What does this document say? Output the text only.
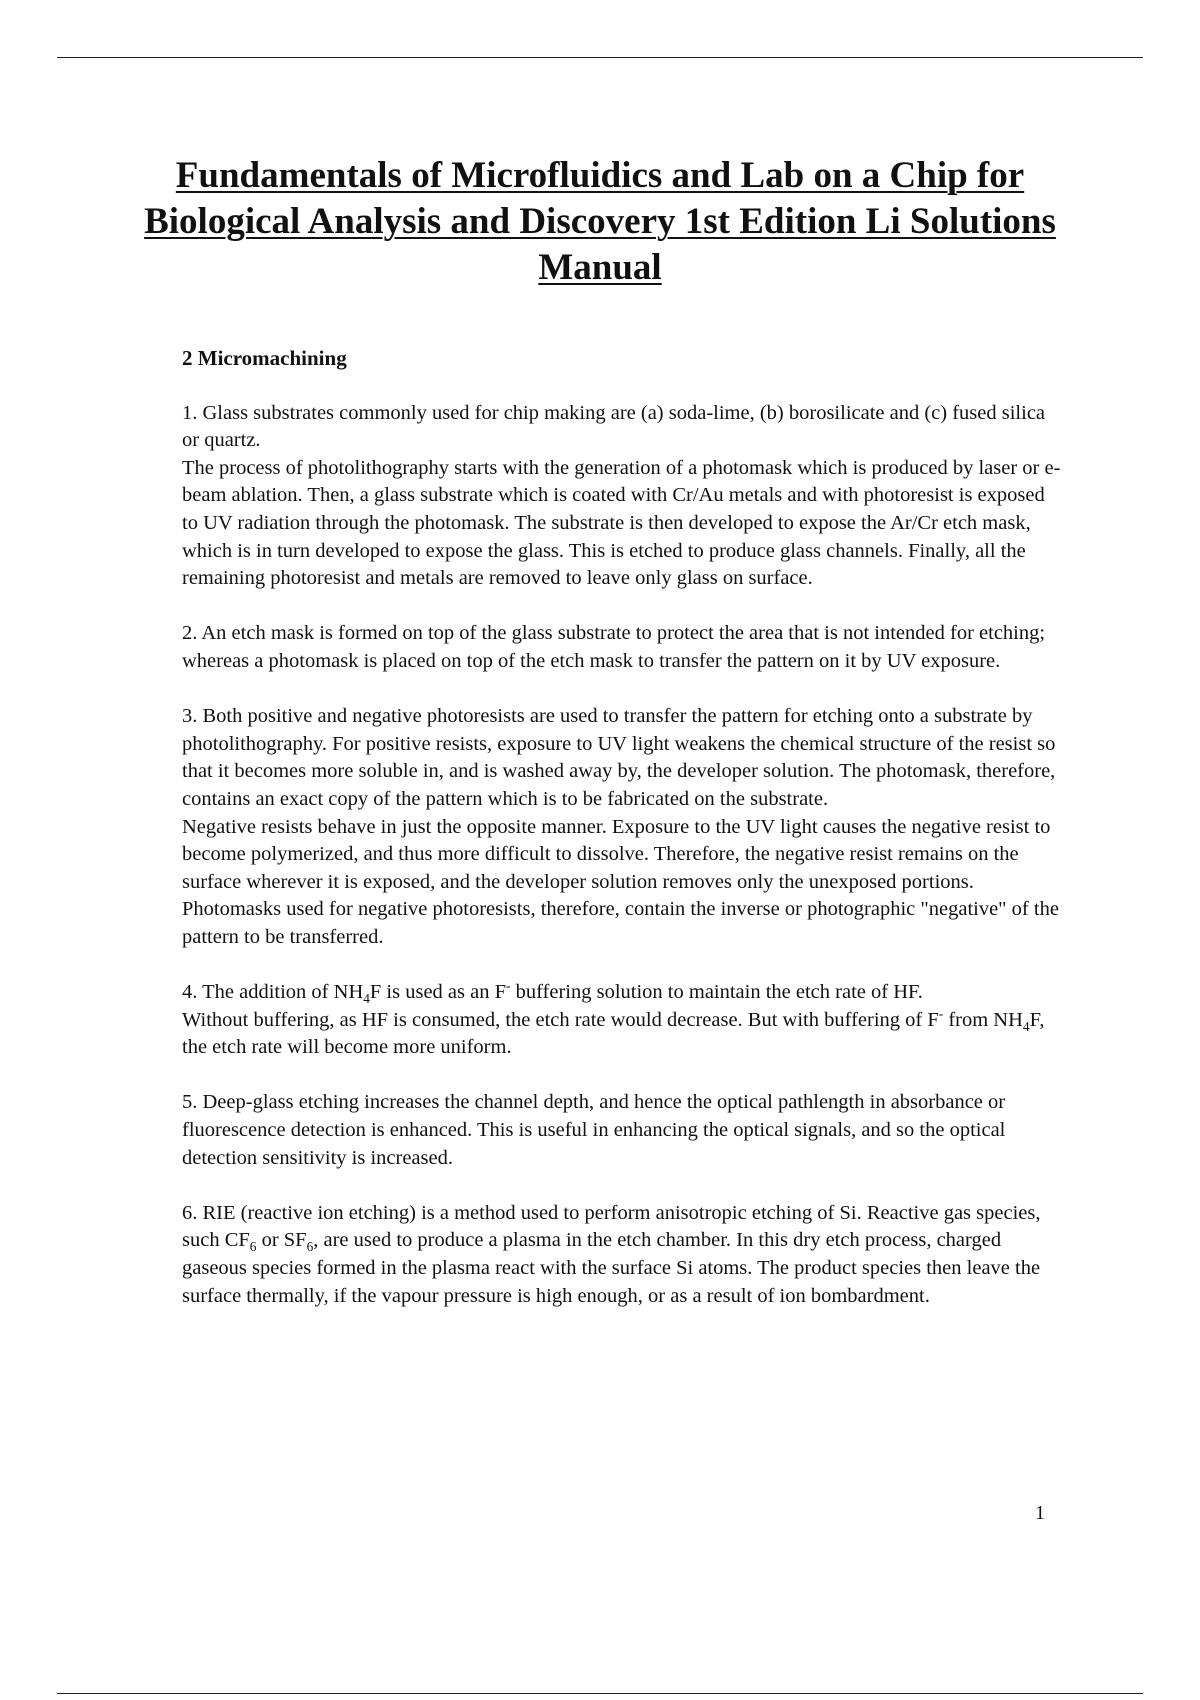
Fundamentals of Microfluidics and Lab on a Chip for Biological Analysis and Discovery 1st Edition Li Solutions Manual
2 Micromachining
1. Glass substrates commonly used for chip making are (a) soda-lime, (b) borosilicate and (c) fused silica or quartz.
The process of photolithography starts with the generation of a photomask which is produced by laser or e-beam ablation. Then, a glass substrate which is coated with Cr/Au metals and with photoresist is exposed to UV radiation through the photomask. The substrate is then developed to expose the Ar/Cr etch mask, which is in turn developed to expose the glass. This is etched to produce glass channels. Finally, all the remaining photoresist and metals are removed to leave only glass on surface.
2. An etch mask is formed on top of the glass substrate to protect the area that is not intended for etching; whereas a photomask is placed on top of the etch mask to transfer the pattern on it by UV exposure.
3. Both positive and negative photoresists are used to transfer the pattern for etching onto a substrate by photolithography. For positive resists, exposure to UV light weakens the chemical structure of the resist so that it becomes more soluble in, and is washed away by, the developer solution. The photomask, therefore, contains an exact copy of the pattern which is to be fabricated on the substrate.
Negative resists behave in just the opposite manner. Exposure to the UV light causes the negative resist to become polymerized, and thus more difficult to dissolve. Therefore, the negative resist remains on the surface wherever it is exposed, and the developer solution removes only the unexposed portions. Photomasks used for negative photoresists, therefore, contain the inverse or photographic "negative" of the pattern to be transferred.
4. The addition of $NH_4F$ is used as an F- buffering solution to maintain the etch rate of HF.
Without buffering, as HF is consumed, the etch rate would decrease. But with buffering of F- from $NH_4F$, the etch rate will become more uniform.
5. Deep-glass etching increases the channel depth, and hence the optical pathlength in absorbance or fluorescence detection is enhanced. This is useful in enhancing the optical signals, and so the optical detection sensitivity is increased.
6. RIE (reactive ion etching) is a method used to perform anisotropic etching of Si. Reactive gas species, such $CF_6$ or $SF_6$, are used to produce a plasma in the etch chamber. In this dry etch process, charged gaseous species formed in the plasma react with the surface Si atoms. The product species then leave the surface thermally, if the vapour pressure is high enough, or as a result of ion bombardment.
1
